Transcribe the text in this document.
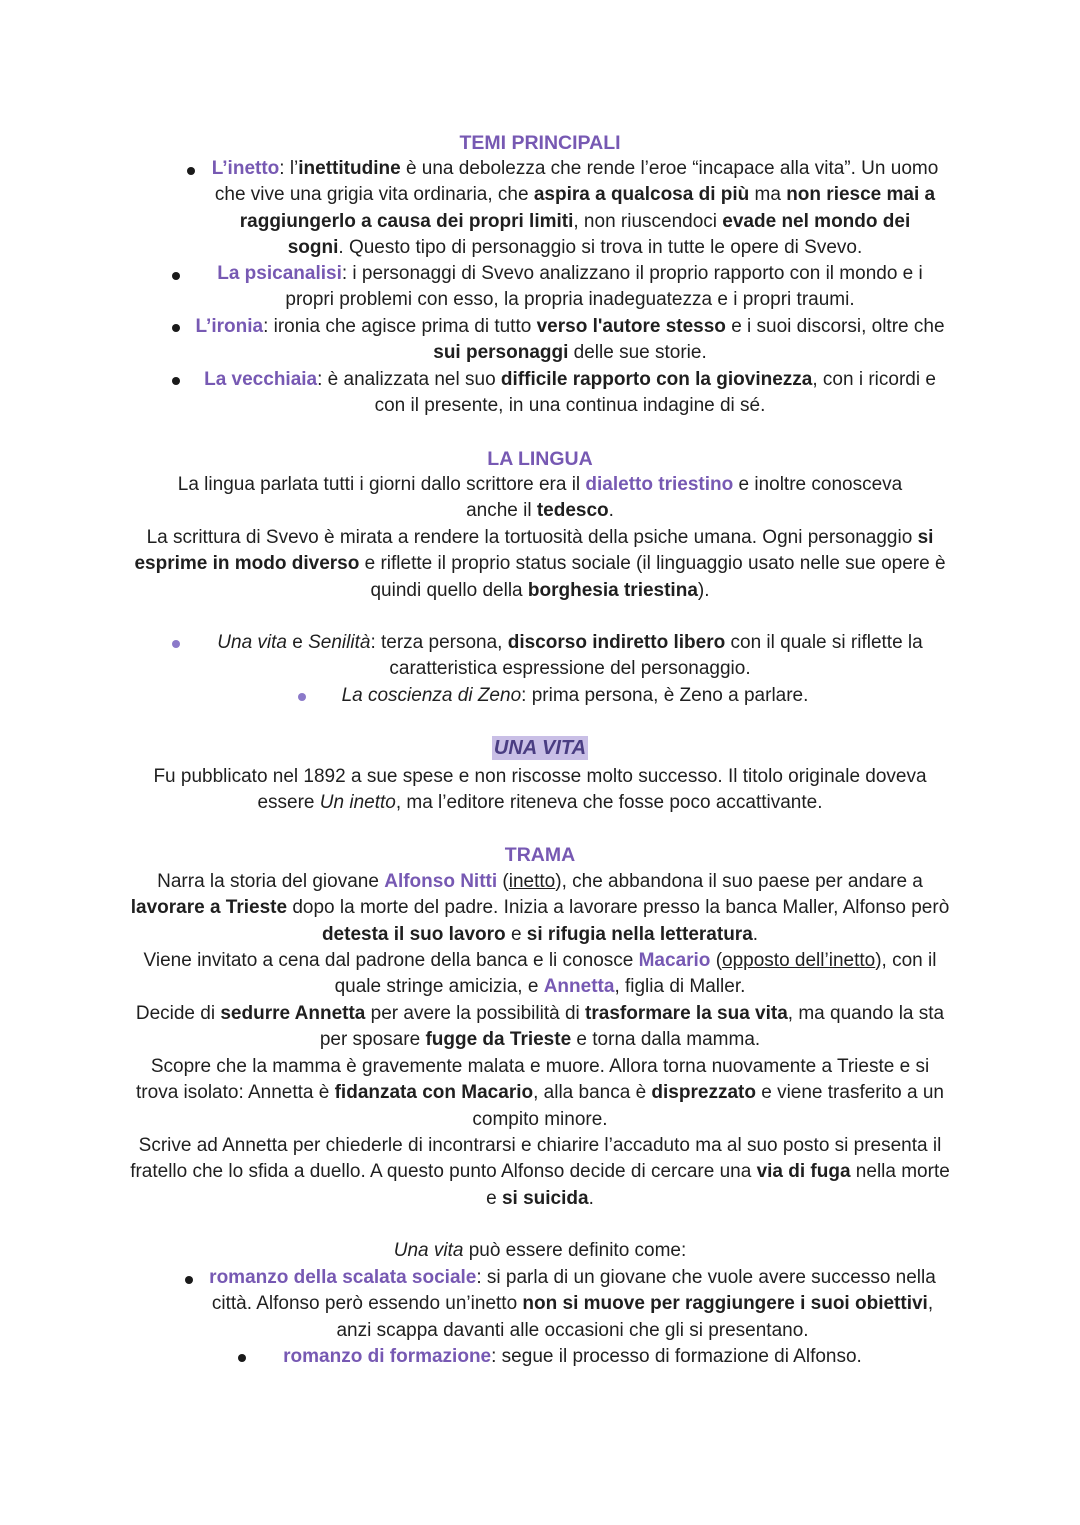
TEMI PRINCIPALI

L’inetto: l’inettitudine è una debolezza che rende l’eroe “incapace alla vita”. Un uomo che vive una grigia vita ordinaria, che aspira a qualcosa di più ma non riesce mai a raggiungerlo a causa dei propri limiti, non riuscendoci evade nel mondo dei sogni. Questo tipo di personaggio si trova in tutte le opere di Svevo.

La psicanalisi: i personaggi di Svevo analizzano il proprio rapporto con il mondo e i propri problemi con esso, la propria inadeguatezza e i propri traumi.

L’ironia: ironia che agisce prima di tutto verso l'autore stesso e i suoi discorsi, oltre che sui personaggi delle sue storie.

La vecchiaia: è analizzata nel suo difficile rapporto con la giovinezza, con i ricordi e con il presente, in una continua indagine di sé.

LA LINGUA

La lingua parlata tutti i giorni dallo scrittore era il dialetto triestino e inoltre conosceva anche il tedesco.

La scrittura di Svevo è mirata a rendere la tortuosità della psiche umana. Ogni personaggio si esprime in modo diverso e riflette il proprio status sociale (il linguaggio usato nelle sue opere è quindi quello della borghesia triestina).

Una vita e Senilità: terza persona, discorso indiretto libero con il quale si riflette la caratteristica espressione del personaggio.

La coscienza di Zeno: prima persona, è Zeno a parlare.

UNA VITA

Fu pubblicato nel 1892 a sue spese e non riscosse molto successo. Il titolo originale doveva essere Un inetto, ma l’editore riteneva che fosse poco accattivante.

TRAMA

Narra la storia del giovane Alfonso Nitti (inetto), che abbandona il suo paese per andare a lavorare a Trieste dopo la morte del padre. Inizia a lavorare presso la banca Maller, Alfonso però detesta il suo lavoro e si rifugia nella letteratura.

Viene invitato a cena dal padrone della banca e li conosce Macario (opposto dell’inetto), con il quale stringe amicizia, e Annetta, figlia di Maller.

Decide di sedurre Annetta per avere la possibilità di trasformare la sua vita, ma quando la sta per sposare fugge da Trieste e torna dalla mamma.

Scopre che la mamma è gravemente malata e muore. Allora torna nuovamente a Trieste e si trova isolato: Annetta è fidanzata con Macario, alla banca è disprezzato e viene trasferito a un compito minore.

Scrive ad Annetta per chiederle di incontrarsi e chiarire l’accaduto ma al suo posto si presenta il fratello che lo sfida a duello. A questo punto Alfonso decide di cercare una via di fuga nella morte e si suicida.

Una vita può essere definito come:

romanzo della scalata sociale: si parla di un giovane che vuole avere successo nella città. Alfonso però essendo un’inetto non si muove per raggiungere i suoi obiettivi, anzi scappa davanti alle occasioni che gli si presentano.

romanzo di formazione: segue il processo di formazione di Alfonso.
